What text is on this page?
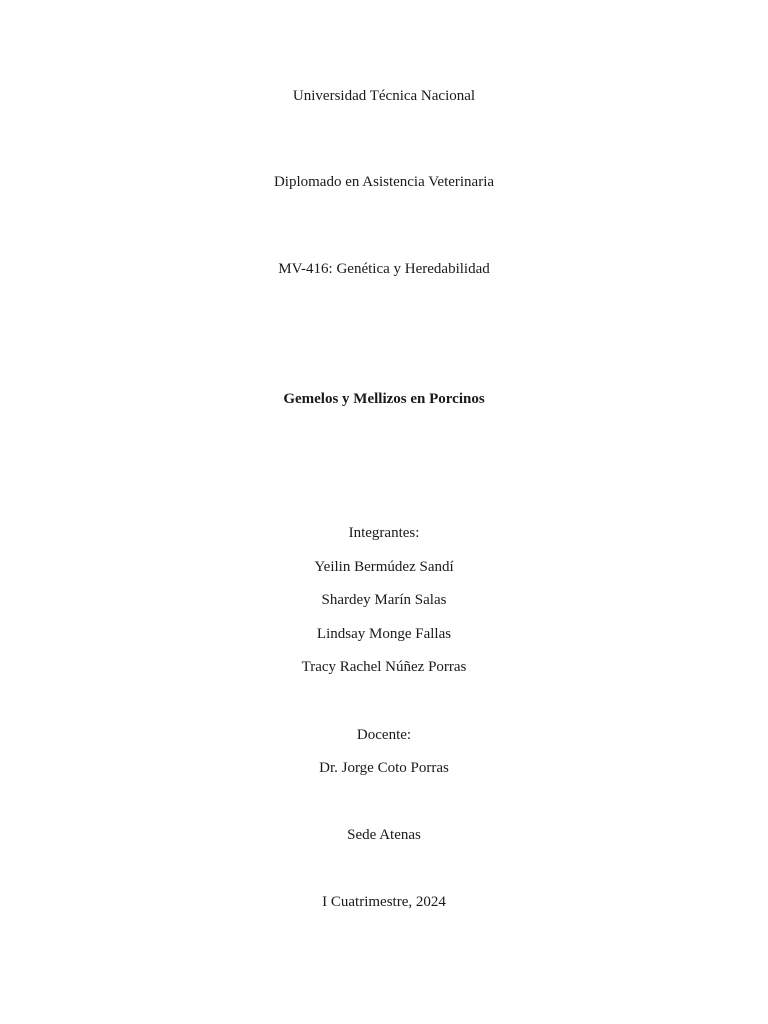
Universidad Técnica Nacional
Diplomado en Asistencia Veterinaria
MV-416: Genética y Heredabilidad
Gemelos y Mellizos en Porcinos
Integrantes:
Yeilin Bermúdez Sandí
Shardey Marín Salas
Lindsay Monge Fallas
Tracy Rachel Núñez Porras
Docente:
Dr. Jorge Coto Porras
Sede Atenas
I Cuatrimestre, 2024
